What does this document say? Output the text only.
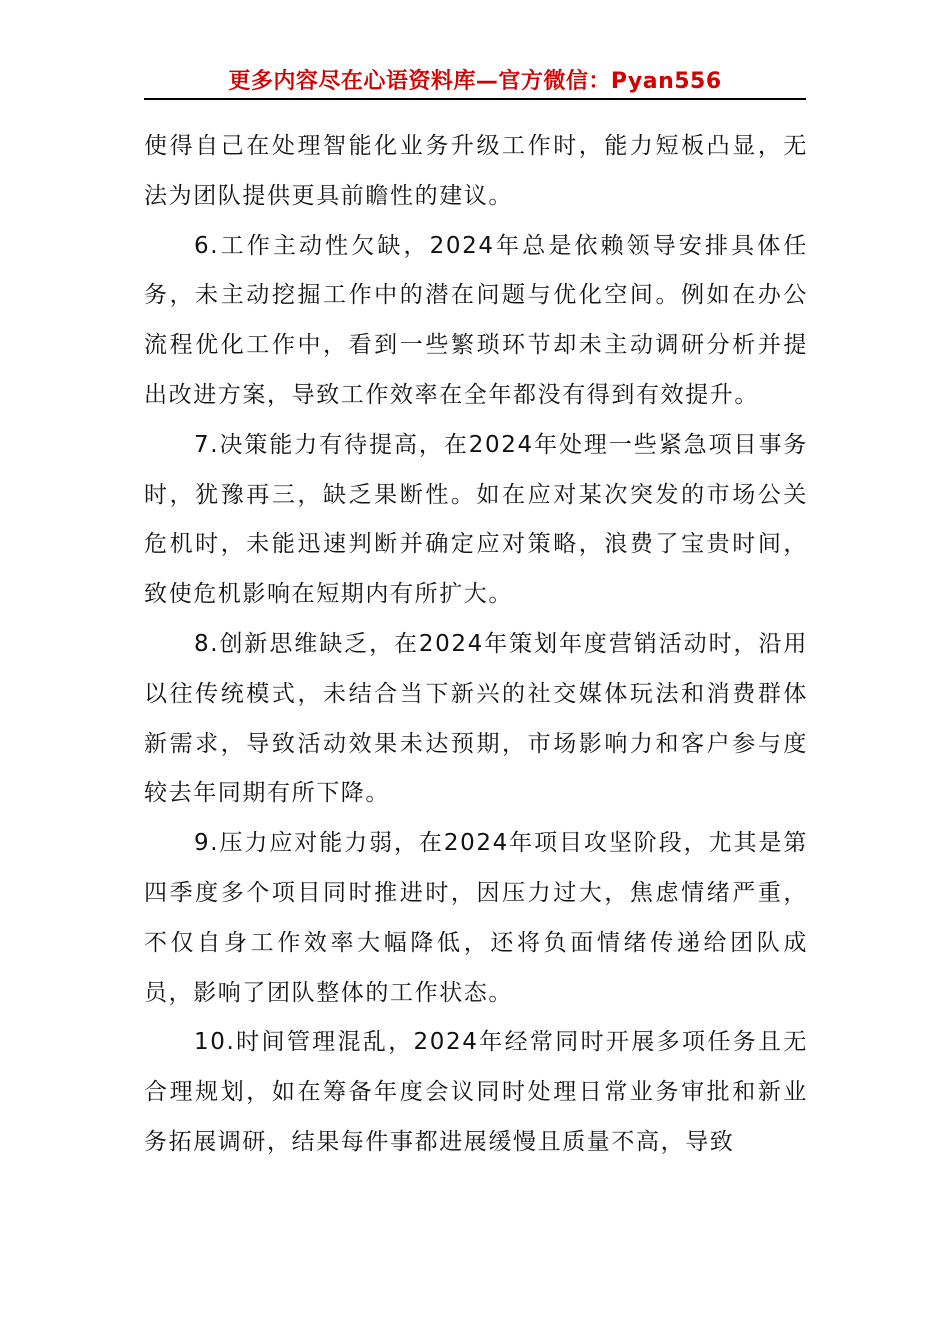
更多内容尽在心语资料库—官方微信：Pyan556

使得自己在处理智能化业务升级工作时，能力短板凸显，无法为团队提供更具前瞻性的建议。

6.工作主动性欠缺，2024年总是依赖领导安排具体任务，未主动挖掘工作中的潜在问题与优化空间。例如在办公流程优化工作中，看到一些繁琐环节却未主动调研分析并提出改进方案，导致工作效率在全年都没有得到有效提升。

7.决策能力有待提高，在2024年处理一些紧急项目事务时，犹豫再三，缺乏果断性。如在应对某次突发的市场公关危机时，未能迅速判断并确定应对策略，浪费了宝贵时间，致使危机影响在短期内有所扩大。

8.创新思维缺乏，在2024年策划年度营销活动时，沿用以往传统模式，未结合当下新兴的社交媒体玩法和消费群体新需求，导致活动效果未达预期，市场影响力和客户参与度较去年同期有所下降。

9.压力应对能力弱，在2024年项目攻坚阶段，尤其是第四季度多个项目同时推进时，因压力过大，焦虑情绪严重，不仅自身工作效率大幅降低，还将负面情绪传递给团队成员，影响了团队整体的工作状态。

10.时间管理混乱，2024年经常同时开展多项任务且无合理规划，如在筹备年度会议同时处理日常业务审批和新业务拓展调研，结果每件事都进展缓慢且质量不高，导致
